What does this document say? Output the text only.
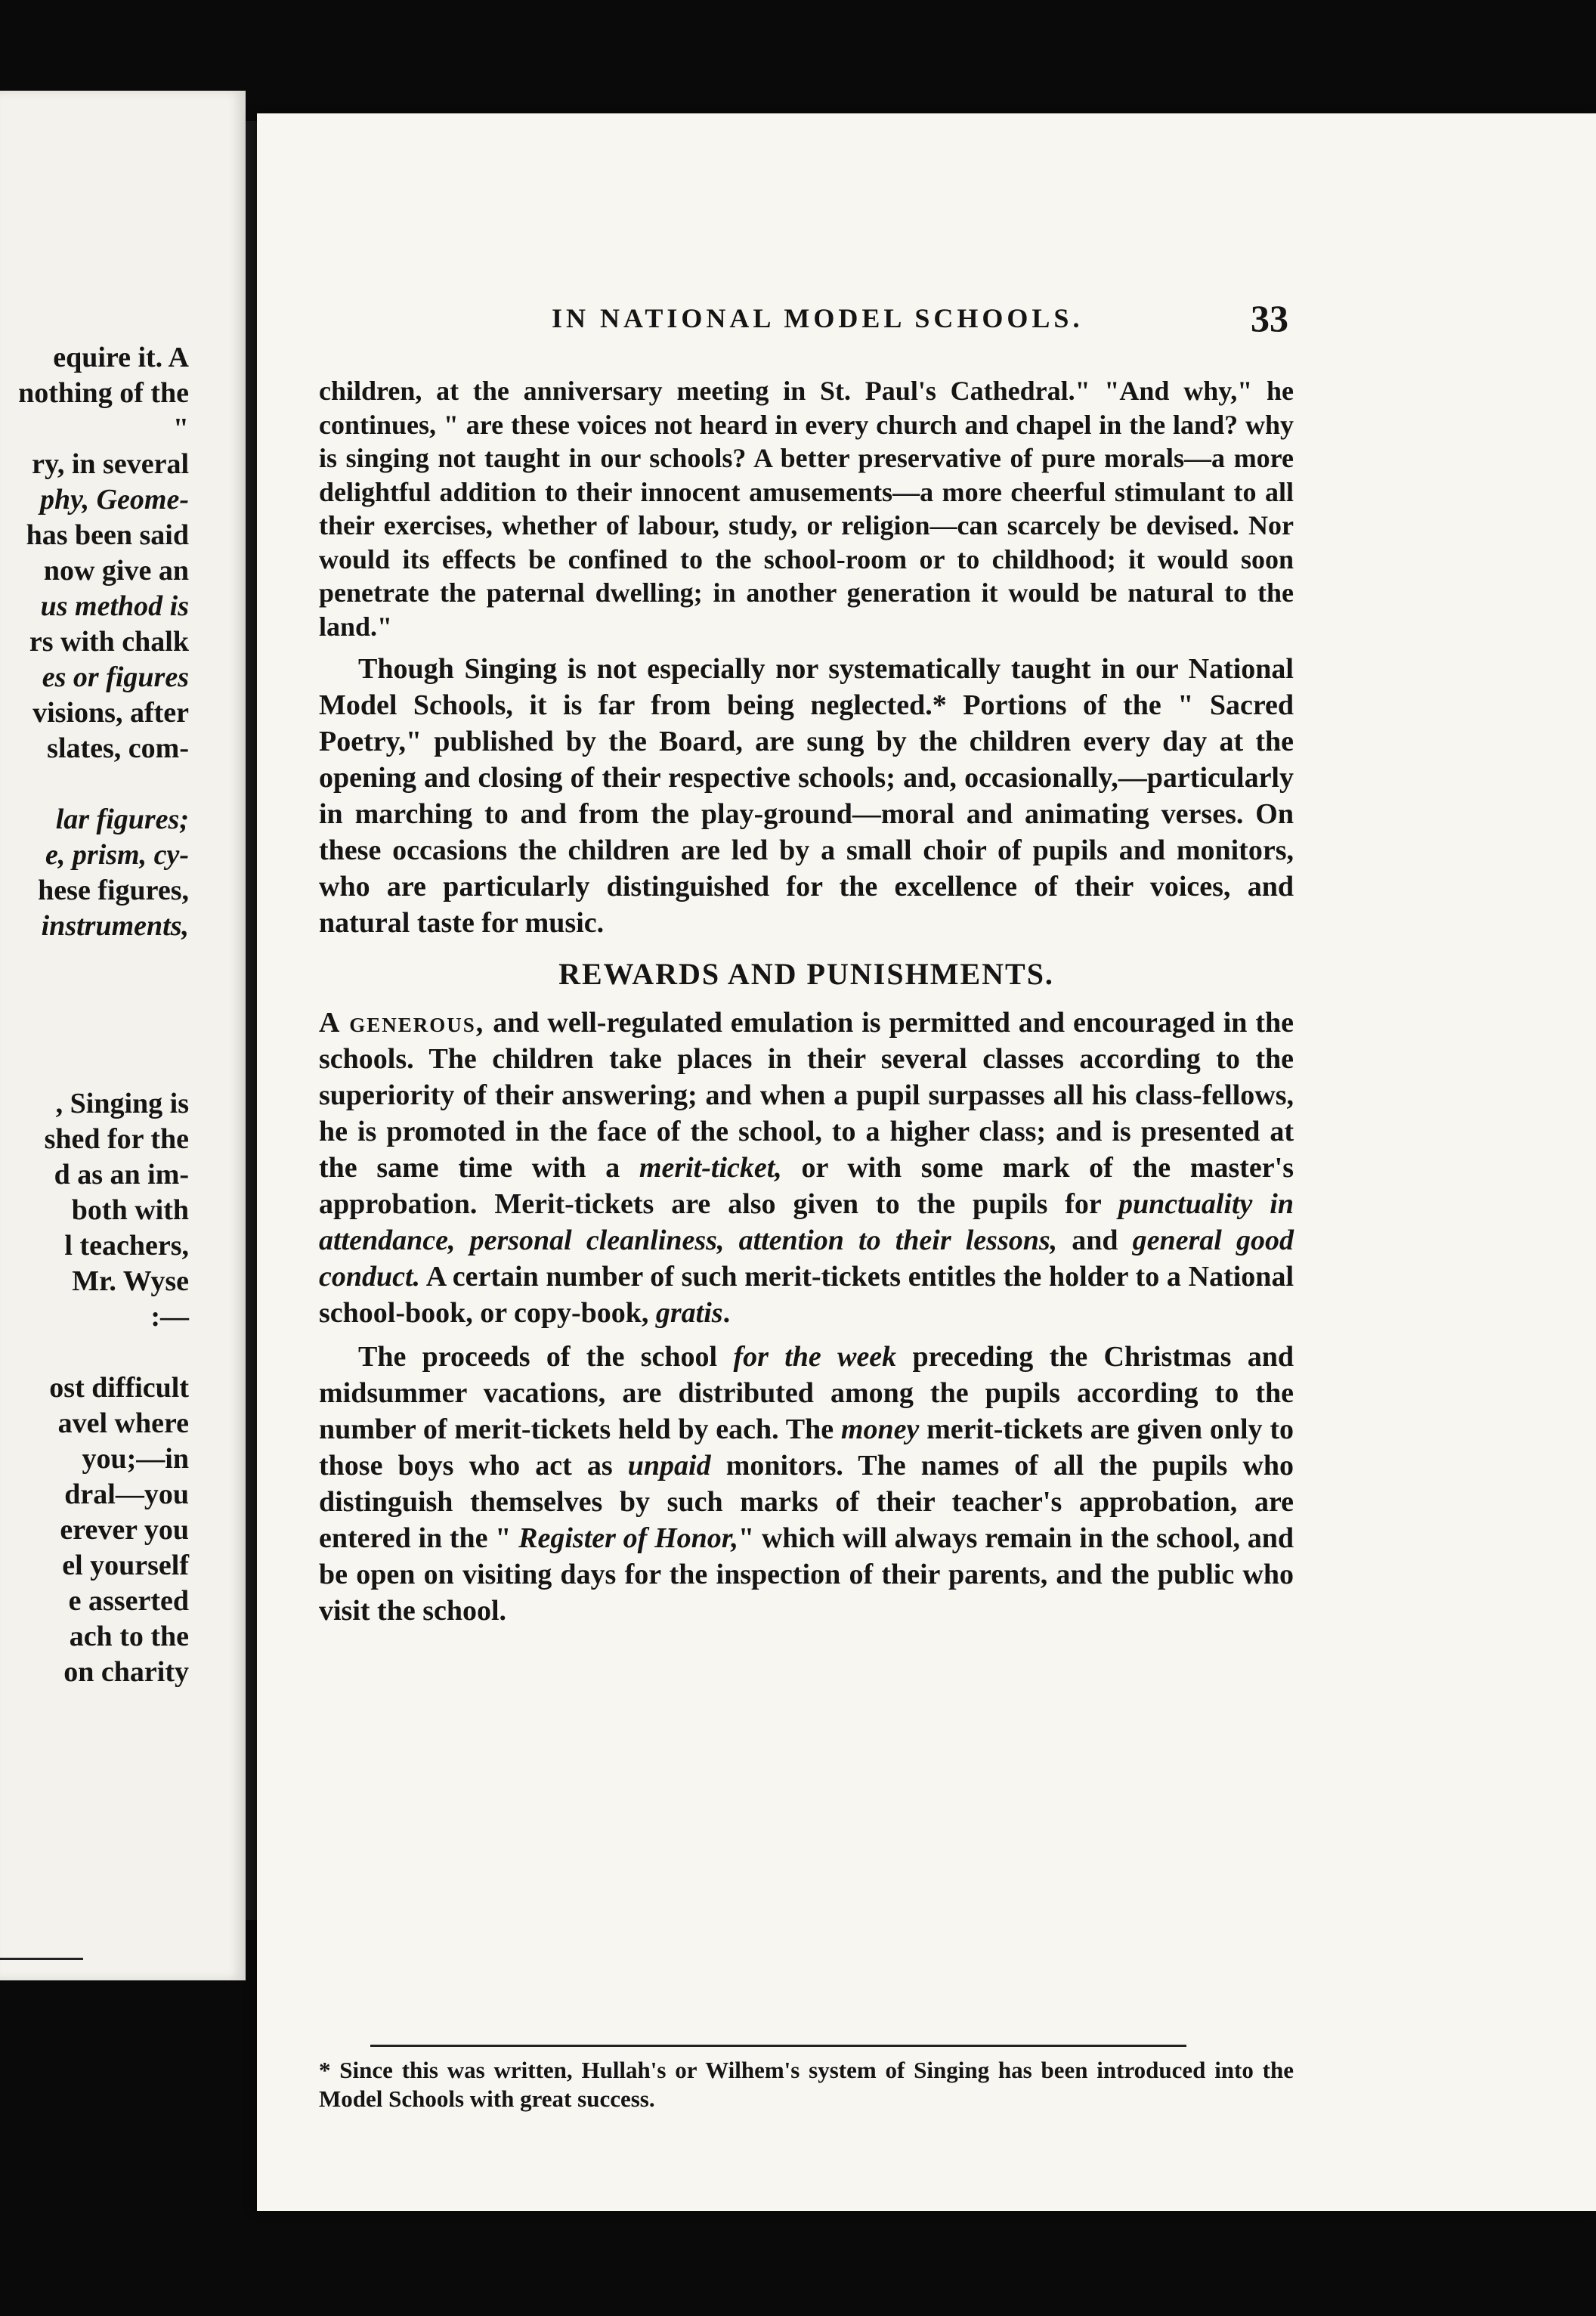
equire it. A
nothing of the
"
ry, in several
phy, Geome-
has been said
now give an
us method is
rs with chalk
es or figures
visions, after
slates, com-

lar figures;
e, prism, cy-
hese figures,
instruments,

, Singing is
shed for the
d as an im-
both with
l teachers,
Mr. Wyse
:—

ost difficult
avel where
you;—in
dral—you
erever you
el yourself
e asserted
ach to the
on charity
IN NATIONAL MODEL SCHOOLS.	33

children, at the anniversary meeting in St. Paul's Cathedral." "And why," he continues, " are these voices not heard in every church and chapel in the land? why is singing not taught in our schools? A better preservative of pure morals—a more delightful addition to their innocent amusements—a more cheerful stimulant to all their exercises, whether of labour, study, or religion—can scarcely be devised. Nor would its effects be confined to the school-room or to childhood; it would soon penetrate the paternal dwelling; in another generation it would be natural to the land."

Though Singing is not especially nor systematically taught in our National Model Schools, it is far from being neglected.* Portions of the " Sacred Poetry," published by the Board, are sung by the children every day at the opening and closing of their respective schools; and, occasionally,—particularly in marching to and from the play-ground—moral and animating verses. On these occasions the children are led by a small choir of pupils and monitors, who are particularly distinguished for the excellence of their voices, and natural taste for music.

REWARDS AND PUNISHMENTS.

A generous, and well-regulated emulation is permitted and encouraged in the schools. The children take places in their several classes according to the superiority of their answering; and when a pupil surpasses all his class-fellows, he is promoted in the face of the school, to a higher class; and is presented at the same time with a merit-ticket, or with some mark of the master's approbation. Merit-tickets are also given to the pupils for punctuality in attendance, personal cleanliness, attention to their lessons, and general good conduct. A certain number of such merit-tickets entitles the holder to a National school-book, or copy-book, gratis.

The proceeds of the school for the week preceding the Christmas and midsummer vacations, are distributed among the pupils according to the number of merit-tickets held by each. The money merit-tickets are given only to those boys who act as unpaid monitors. The names of all the pupils who distinguish themselves by such marks of their teacher's approbation, are entered in the " Register of Honor," which will always remain in the school, and be open on visiting days for the inspection of their parents, and the public who visit the school.

* Since this was written, Hullah's or Wilhem's system of Singing has been introduced into the Model Schools with great success.
